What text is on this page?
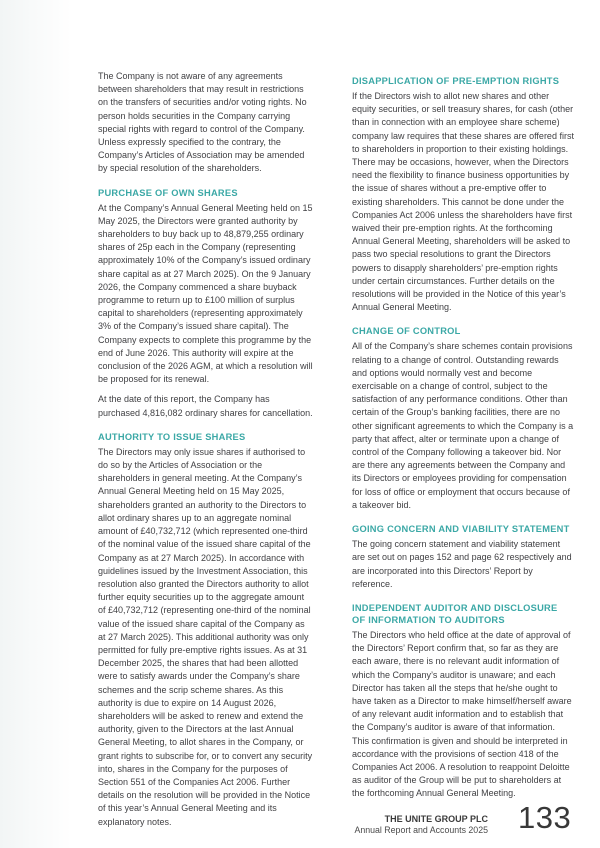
The Company is not aware of any agreements between shareholders that may result in restrictions on the transfers of securities and/or voting rights. No person holds securities in the Company carrying special rights with regard to control of the Company. Unless expressly specified to the contrary, the Company’s Articles of Association may be amended by special resolution of the shareholders.

PURCHASE OF OWN SHARES

At the Company’s Annual General Meeting held on 15 May 2025, the Directors were granted authority by shareholders to buy back up to 48,879,255 ordinary shares of 25p each in the Company (representing approximately 10% of the Company’s issued ordinary share capital as at 27 March 2025). On the 9 January 2026, the Company commenced a share buyback programme to return up to £100 million of surplus capital to shareholders (representing approximately 3% of the Company’s issued share capital). The Company expects to complete this programme by the end of June 2026. This authority will expire at the conclusion of the 2026 AGM, at which a resolution will be proposed for its renewal.

At the date of this report, the Company has purchased 4,816,082 ordinary shares for cancellation.

AUTHORITY TO ISSUE SHARES

The Directors may only issue shares if authorised to do so by the Articles of Association or the shareholders in general meeting. At the Company’s Annual General Meeting held on 15 May 2025, shareholders granted an authority to the Directors to allot ordinary shares up to an aggregate nominal amount of £40,732,712 (which represented one-third of the nominal value of the issued share capital of the Company as at 27 March 2025). In accordance with guidelines issued by the Investment Association, this resolution also granted the Directors authority to allot further equity securities up to the aggregate amount of £40,732,712 (representing one-third of the nominal value of the issued share capital of the Company as at 27 March 2025). This additional authority was only permitted for fully pre-emptive rights issues. As at 31 December 2025, the shares that had been allotted were to satisfy awards under the Company’s share schemes and the scrip scheme shares. As this authority is due to expire on 14 August 2026, shareholders will be asked to renew and extend the authority, given to the Directors at the last Annual General Meeting, to allot shares in the Company, or grant rights to subscribe for, or to convert any security into, shares in the Company for the purposes of Section 551 of the Companies Act 2006. Further details on the resolution will be provided in the Notice of this year’s Annual General Meeting and its explanatory notes.

DISAPPLICATION OF PRE-EMPTION RIGHTS

If the Directors wish to allot new shares and other equity securities, or sell treasury shares, for cash (other than in connection with an employee share scheme) company law requires that these shares are offered first to shareholders in proportion to their existing holdings. There may be occasions, however, when the Directors need the flexibility to finance business opportunities by the issue of shares without a pre-emptive offer to existing shareholders. This cannot be done under the Companies Act 2006 unless the shareholders have first waived their pre-emption rights. At the forthcoming Annual General Meeting, shareholders will be asked to pass two special resolutions to grant the Directors powers to disapply shareholders’ pre-emption rights under certain circumstances. Further details on the resolutions will be provided in the Notice of this year’s Annual General Meeting.

CHANGE OF CONTROL

All of the Company’s share schemes contain provisions relating to a change of control. Outstanding rewards and options would normally vest and become exercisable on a change of control, subject to the satisfaction of any performance conditions. Other than certain of the Group’s banking facilities, there are no other significant agreements to which the Company is a party that affect, alter or terminate upon a change of control of the Company following a takeover bid. Nor are there any agreements between the Company and its Directors or employees providing for compensation for loss of office or employment that occurs because of a takeover bid.

GOING CONCERN AND VIABILITY STATEMENT

The going concern statement and viability statement are set out on pages 152 and page 62 respectively and are incorporated into this Directors’ Report by reference.

INDEPENDENT AUDITOR AND DISCLOSURE
OF INFORMATION TO AUDITORS

The Directors who held office at the date of approval of the Directors’ Report confirm that, so far as they are each aware, there is no relevant audit information of which the Company’s auditor is unaware; and each Director has taken all the steps that he/she ought to have taken as a Director to make himself/herself aware of any relevant audit information and to establish that the Company’s auditor is aware of that information. This confirmation is given and should be interpreted in accordance with the provisions of section 418 of the Companies Act 2006. A resolution to reappoint Deloitte as auditor of the Group will be put to shareholders at the forthcoming Annual General Meeting.

THE UNITE GROUP PLC
Annual Report and Accounts 2025 133
